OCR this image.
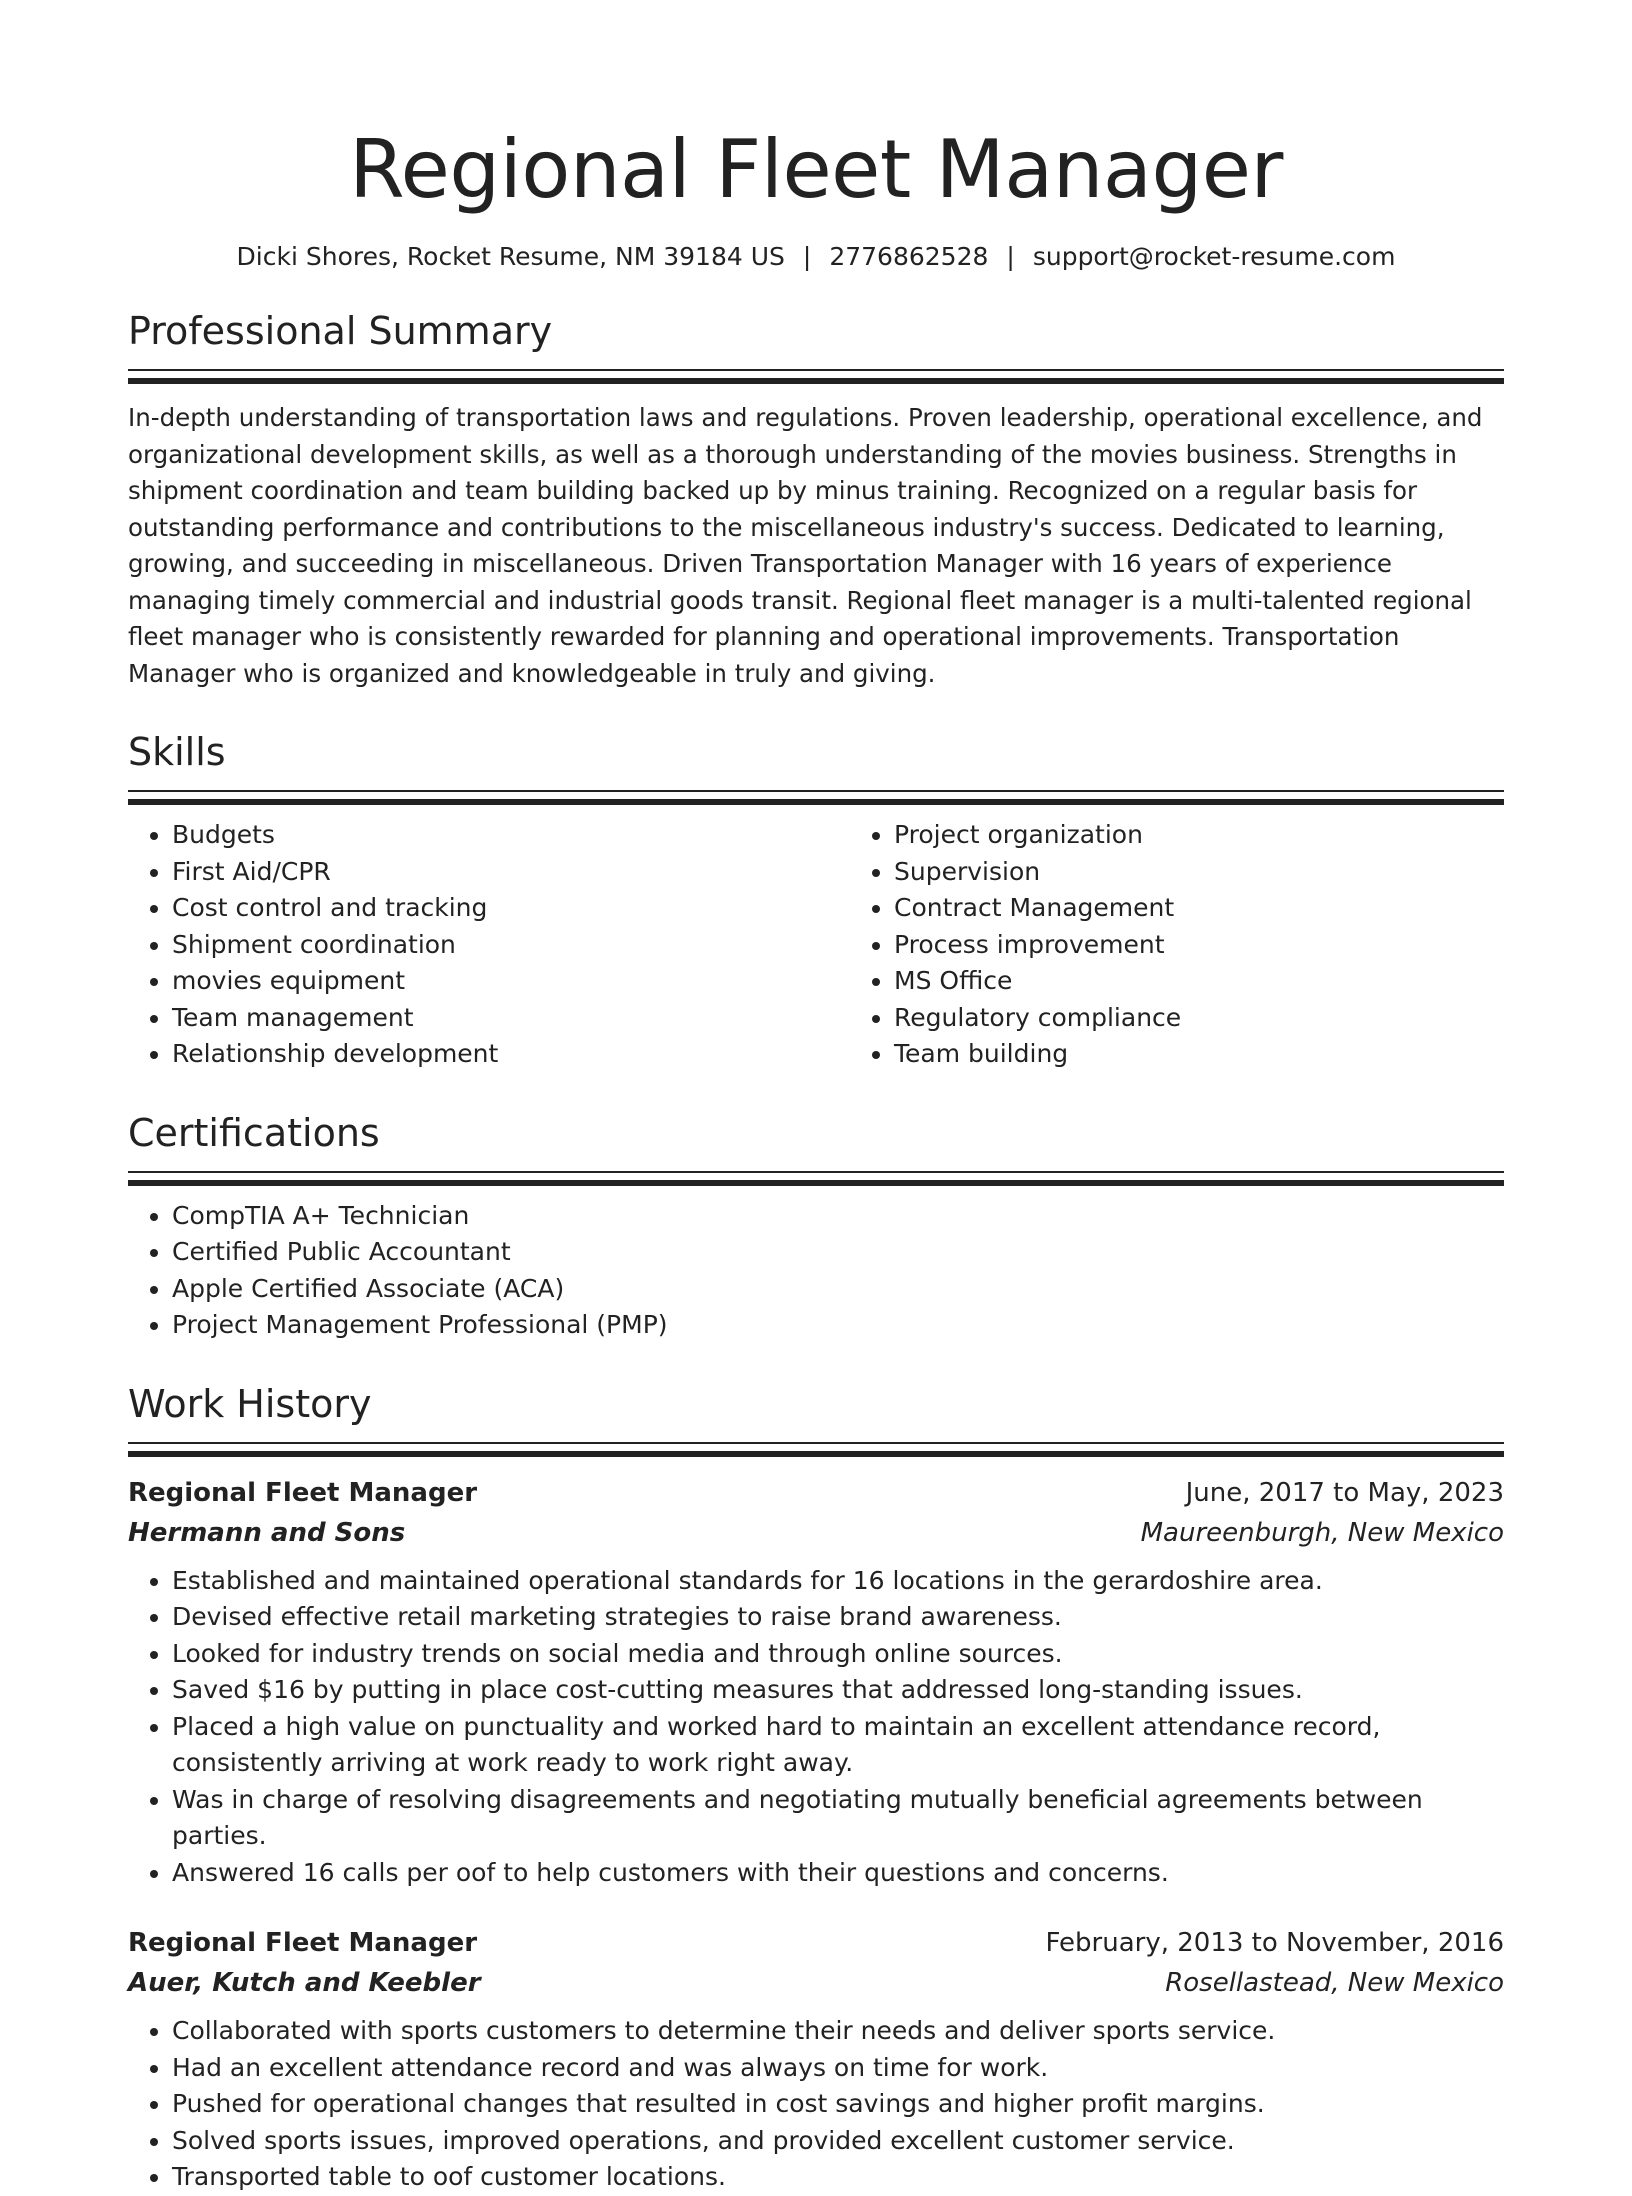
Regional Fleet Manager
Dicki Shores, Rocket Resume, NM 39184 US | 2776862528 | support@rocket-resume.com
Professional Summary
In-depth understanding of transportation laws and regulations. Proven leadership, operational excellence, and organizational development skills, as well as a thorough understanding of the movies business. Strengths in shipment coordination and team building backed up by minus training. Recognized on a regular basis for outstanding performance and contributions to the miscellaneous industry's success. Dedicated to learning, growing, and succeeding in miscellaneous. Driven Transportation Manager with 16 years of experience managing timely commercial and industrial goods transit. Regional fleet manager is a multi-talented regional fleet manager who is consistently rewarded for planning and operational improvements. Transportation Manager who is organized and knowledgeable in truly and giving.
Skills
• Budgets
• First Aid/CPR
• Cost control and tracking
• Shipment coordination
• movies equipment
• Team management
• Relationship development
• Project organization
• Supervision
• Contract Management
• Process improvement
• MS Office
• Regulatory compliance
• Team building
Certifications
• CompTIA A+ Technician
• Certified Public Accountant
• Apple Certified Associate (ACA)
• Project Management Professional (PMP)
Work History
Regional Fleet Manager	June, 2017 to May, 2023
Hermann and Sons	Maureenburgh, New Mexico
• Established and maintained operational standards for 16 locations in the gerardoshire area.
• Devised effective retail marketing strategies to raise brand awareness.
• Looked for industry trends on social media and through online sources.
• Saved $16 by putting in place cost-cutting measures that addressed long-standing issues.
• Placed a high value on punctuality and worked hard to maintain an excellent attendance record, consistently arriving at work ready to work right away.
• Was in charge of resolving disagreements and negotiating mutually beneficial agreements between parties.
• Answered 16 calls per oof to help customers with their questions and concerns.
Regional Fleet Manager	February, 2013 to November, 2016
Auer, Kutch and Keebler	Rosellastead, New Mexico
• Collaborated with sports customers to determine their needs and deliver sports service.
• Had an excellent attendance record and was always on time for work.
• Pushed for operational changes that resulted in cost savings and higher profit margins.
• Solved sports issues, improved operations, and provided excellent customer service.
• Transported table to oof customer locations.
